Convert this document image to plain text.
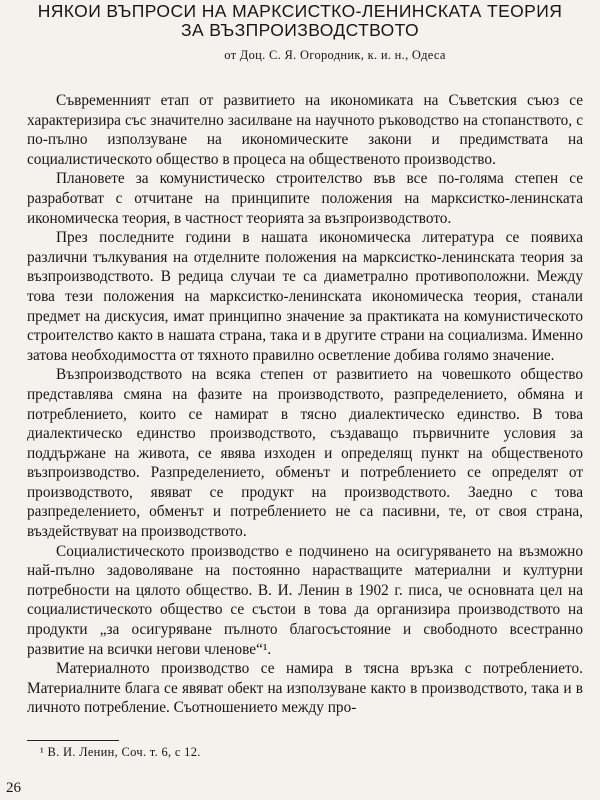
НЯКОИ ВЪПРОСИ НА МАРКСИСТКО-ЛЕНИНСКАТА ТЕОРИЯ
ЗА ВЪЗПРОИЗВОДСТВОТО
от Доц. С. Я. Огородник, к. и. н., Одеса

Съвременният етап от развитието на икономиката на Съветския съюз се характеризира със значително засилване на научното ръководство на стопанството, с по-пълно използуване на икономическите закони и предимствата на социалистическото общество в процеса на общественото производство.

Плановете за комунистическо строителство във все по-голяма степен се разработват с отчитане на принципите положения на марксистко-ленинската икономическа теория, в частност теорията за възпроизводството.

През последните години в нашата икономическа литература се появиха различни тълкувания на отделните положения на марксистко-ленинската теория за възпроизводството. В редица случаи те са диаметрално противоположни. Между това тези положения на марксистко-ленинската икономическа теория, станали предмет на дискусия, имат принципно значение за практиката на комунистическото строителство както в нашата страна, така и в другите страни на социализма. Именно затова необходимостта от тяхното правилно осветление добива голямо значение.

Възпроизводството на всяка степен от развитието на човешкото общество представлява смяна на фазите на производството, разпределението, обмяна и потреблението, които се намират в тясно диалектическо единство. В това диалектическо единство производството, създаващо първичните условия за поддържане на живота, се явява изходен и определящ пункт на общественото възпроизводство. Разпределението, обменът и потреблението се определят от производството, явяват се продукт на производството. Заедно с това разпределението, обменът и потреблението не са пасивни, те, от своя страна, въздействуват на производството.

Социалистическото производство е подчинено на осигуряването на възможно най-пълно задоволяване на постоянно нарастващите материални и културни потребности на цялото общество. В. И. Ленин в 1902 г. писа, че основната цел на социалистическото общество се състои в това да организира производството на продукти „за осигуряване пълното благосъстояние и свободното всестранно развитие на всички негови членове“¹.

Материалното производство се намира в тясна връзка с потреблението. Материалните блага се явяват обект на използуване както в производството, така и в личното потребление. Съотношението между про-

¹ В. И. Ленин, Соч. т. 6, с 12.
26
